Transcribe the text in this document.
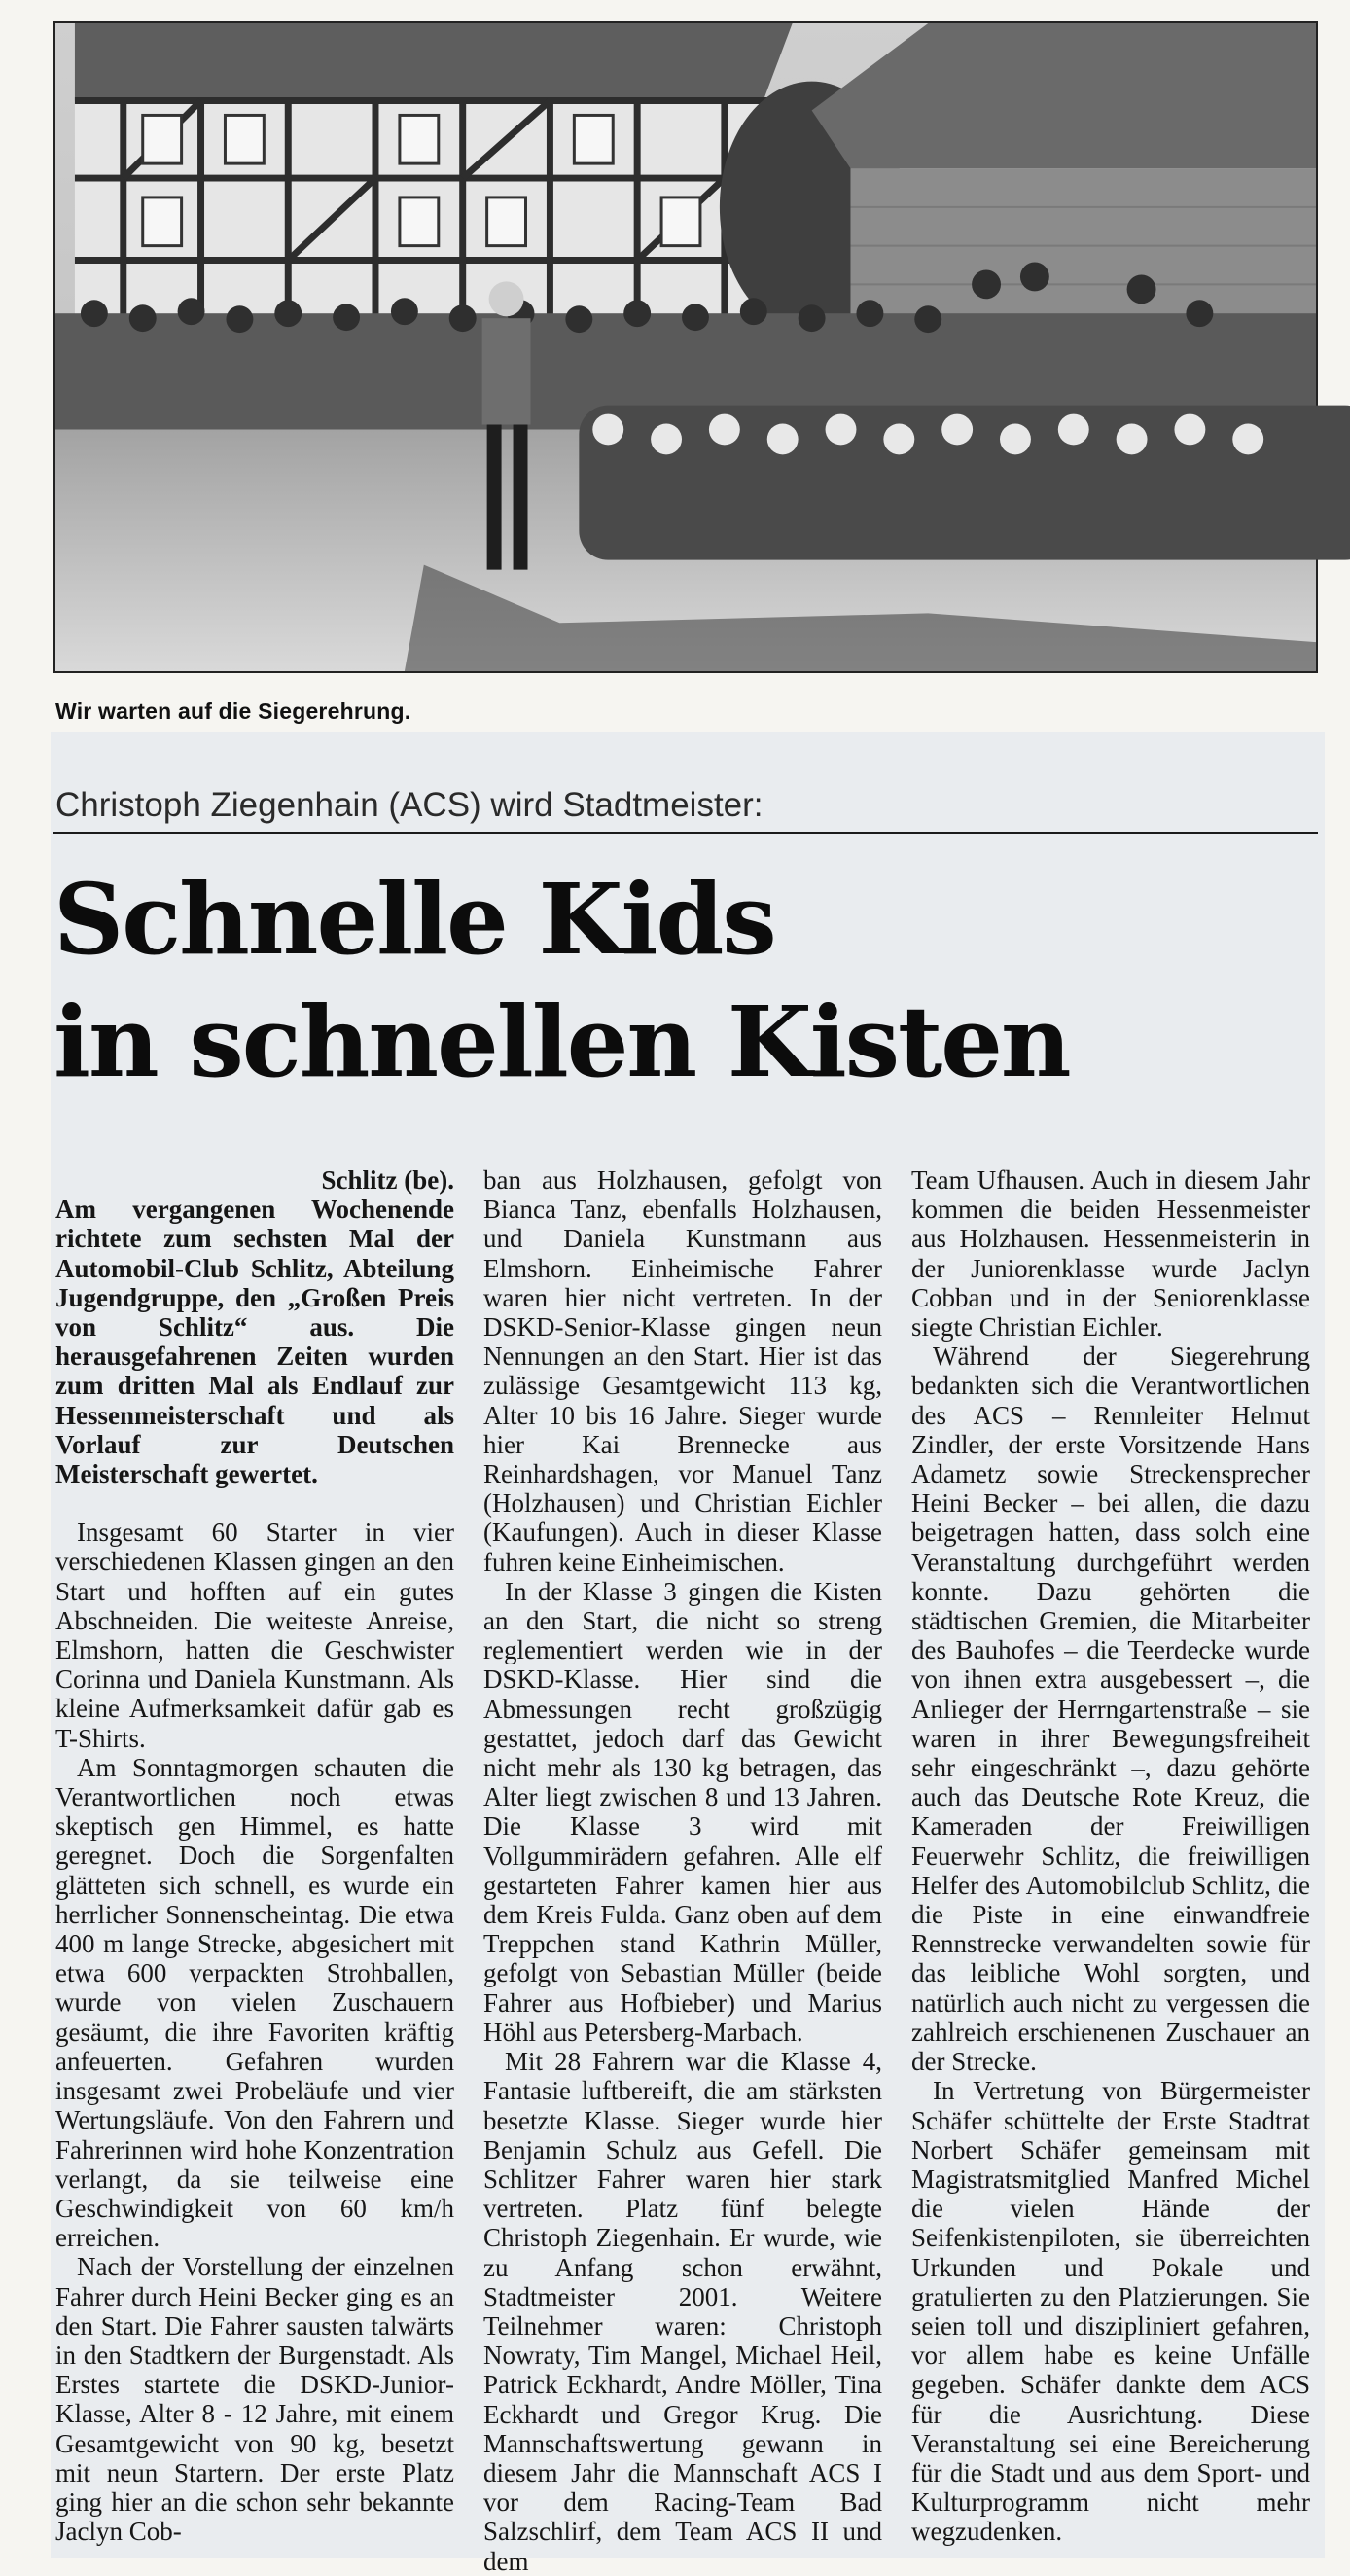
Wir warten auf die Siegerehrung.
Christoph Ziegenhain (ACS) wird Stadtmeister:
Schnelle Kids
in schnellen Kisten

Schlitz (be).
Am vergangenen Wochenende richtete zum sechsten Mal der Automobil-Club Schlitz, Abteilung Jugendgruppe, den „Großen Preis von Schlitz“ aus. Die herausgefahrenen Zeiten wurden zum dritten Mal als Endlauf zur Hessenmeisterschaft und als Vorlauf zur Deutschen Meisterschaft gewertet.

Insgesamt 60 Starter in vier verschiedenen Klassen gingen an den Start und hofften auf ein gutes Abschneiden. Die weiteste Anreise, Elmshorn, hatten die Geschwister Corinna und Daniela Kunstmann. Als kleine Aufmerksamkeit dafür gab es T-Shirts.

Am Sonntagmorgen schauten die Verantwortlichen noch etwas skeptisch gen Himmel, es hatte geregnet. Doch die Sorgenfalten glätteten sich schnell, es wurde ein herrlicher Sonnenscheintag. Die etwa 400 m lange Strecke, abgesichert mit etwa 600 verpackten Strohballen, wurde von vielen Zuschauern gesäumt, die ihre Favoriten kräftig anfeuerten. Gefahren wurden insgesamt zwei Probeläufe und vier Wertungsläufe. Von den Fahrern und Fahrerinnen wird hohe Konzentration verlangt, da sie teilweise eine Geschwindigkeit von 60 km/h erreichen.

Nach der Vorstellung der einzelnen Fahrer durch Heini Becker ging es an den Start. Die Fahrer sausten talwärts in den Stadtkern der Burgenstadt. Als Erstes startete die DSKD-Junior-Klasse, Alter 8 - 12 Jahre, mit einem Gesamtgewicht von 90 kg, besetzt mit neun Startern. Der erste Platz ging hier an die schon sehr bekannte Jaclyn Cob-

ban aus Holzhausen, gefolgt von Bianca Tanz, ebenfalls Holzhausen, und Daniela Kunstmann aus Elmshorn. Einheimische Fahrer waren hier nicht vertreten. In der DSKD-Senior-Klasse gingen neun Nennungen an den Start. Hier ist das zulässige Gesamtgewicht 113 kg, Alter 10 bis 16 Jahre. Sieger wurde hier Kai Brennecke aus Reinhardshagen, vor Manuel Tanz (Holzhausen) und Christian Eichler (Kaufungen). Auch in dieser Klasse fuhren keine Einheimischen.

In der Klasse 3 gingen die Kisten an den Start, die nicht so streng reglementiert werden wie in der DSKD-Klasse. Hier sind die Abmessungen recht großzügig gestattet, jedoch darf das Gewicht nicht mehr als 130 kg betragen, das Alter liegt zwischen 8 und 13 Jahren. Die Klasse 3 wird mit Vollgummirädern gefahren. Alle elf gestarteten Fahrer kamen hier aus dem Kreis Fulda. Ganz oben auf dem Treppchen stand Kathrin Müller, gefolgt von Sebastian Müller (beide Fahrer aus Hofbieber) und Marius Höhl aus Petersberg-Marbach.

Mit 28 Fahrern war die Klasse 4, Fantasie luftbereift, die am stärksten besetzte Klasse. Sieger wurde hier Benjamin Schulz aus Gefell. Die Schlitzer Fahrer waren hier stark vertreten. Platz fünf belegte Christoph Ziegenhain. Er wurde, wie zu Anfang schon erwähnt, Stadtmeister 2001. Weitere Teilnehmer waren: Christoph Nowraty, Tim Mangel, Michael Heil, Patrick Eckhardt, Andre Möller, Tina Eckhardt und Gregor Krug. Die Mannschaftswertung gewann in diesem Jahr die Mannschaft ACS I vor dem Racing-Team Bad Salzschlirf, dem Team ACS II und dem

Team Ufhausen. Auch in diesem Jahr kommen die beiden Hessenmeister aus Holzhausen. Hessenmeisterin in der Juniorenklasse wurde Jaclyn Cobban und in der Seniorenklasse siegte Christian Eichler.

Während der Siegerehrung bedankten sich die Verantwortlichen des ACS – Rennleiter Helmut Zindler, der erste Vorsitzende Hans Adametz sowie Streckensprecher Heini Becker – bei allen, die dazu beigetragen hatten, dass solch eine Veranstaltung durchgeführt werden konnte. Dazu gehörten die städtischen Gremien, die Mitarbeiter des Bauhofes – die Teerdecke wurde von ihnen extra ausgebessert –, die Anlieger der Herrngartenstraße – sie waren in ihrer Bewegungsfreiheit sehr eingeschränkt –, dazu gehörte auch das Deutsche Rote Kreuz, die Kameraden der Freiwilligen Feuerwehr Schlitz, die freiwilligen Helfer des Automobilclub Schlitz, die die Piste in eine einwandfreie Rennstrecke verwandelten sowie für das leibliche Wohl sorgten, und natürlich auch nicht zu vergessen die zahlreich erschienenen Zuschauer an der Strecke.

In Vertretung von Bürgermeister Schäfer schüttelte der Erste Stadtrat Norbert Schäfer gemeinsam mit Magistratsmitglied Manfred Michel die vielen Hände der Seifenkistenpiloten, sie überreichten Urkunden und Pokale und gratulierten zu den Platzierungen. Sie seien toll und diszipliniert gefahren, vor allem habe es keine Unfälle gegeben. Schäfer dankte dem ACS für die Ausrichtung. Diese Veranstaltung sei eine Bereicherung für die Stadt und aus dem Sport- und Kulturprogramm nicht mehr wegzudenken.
